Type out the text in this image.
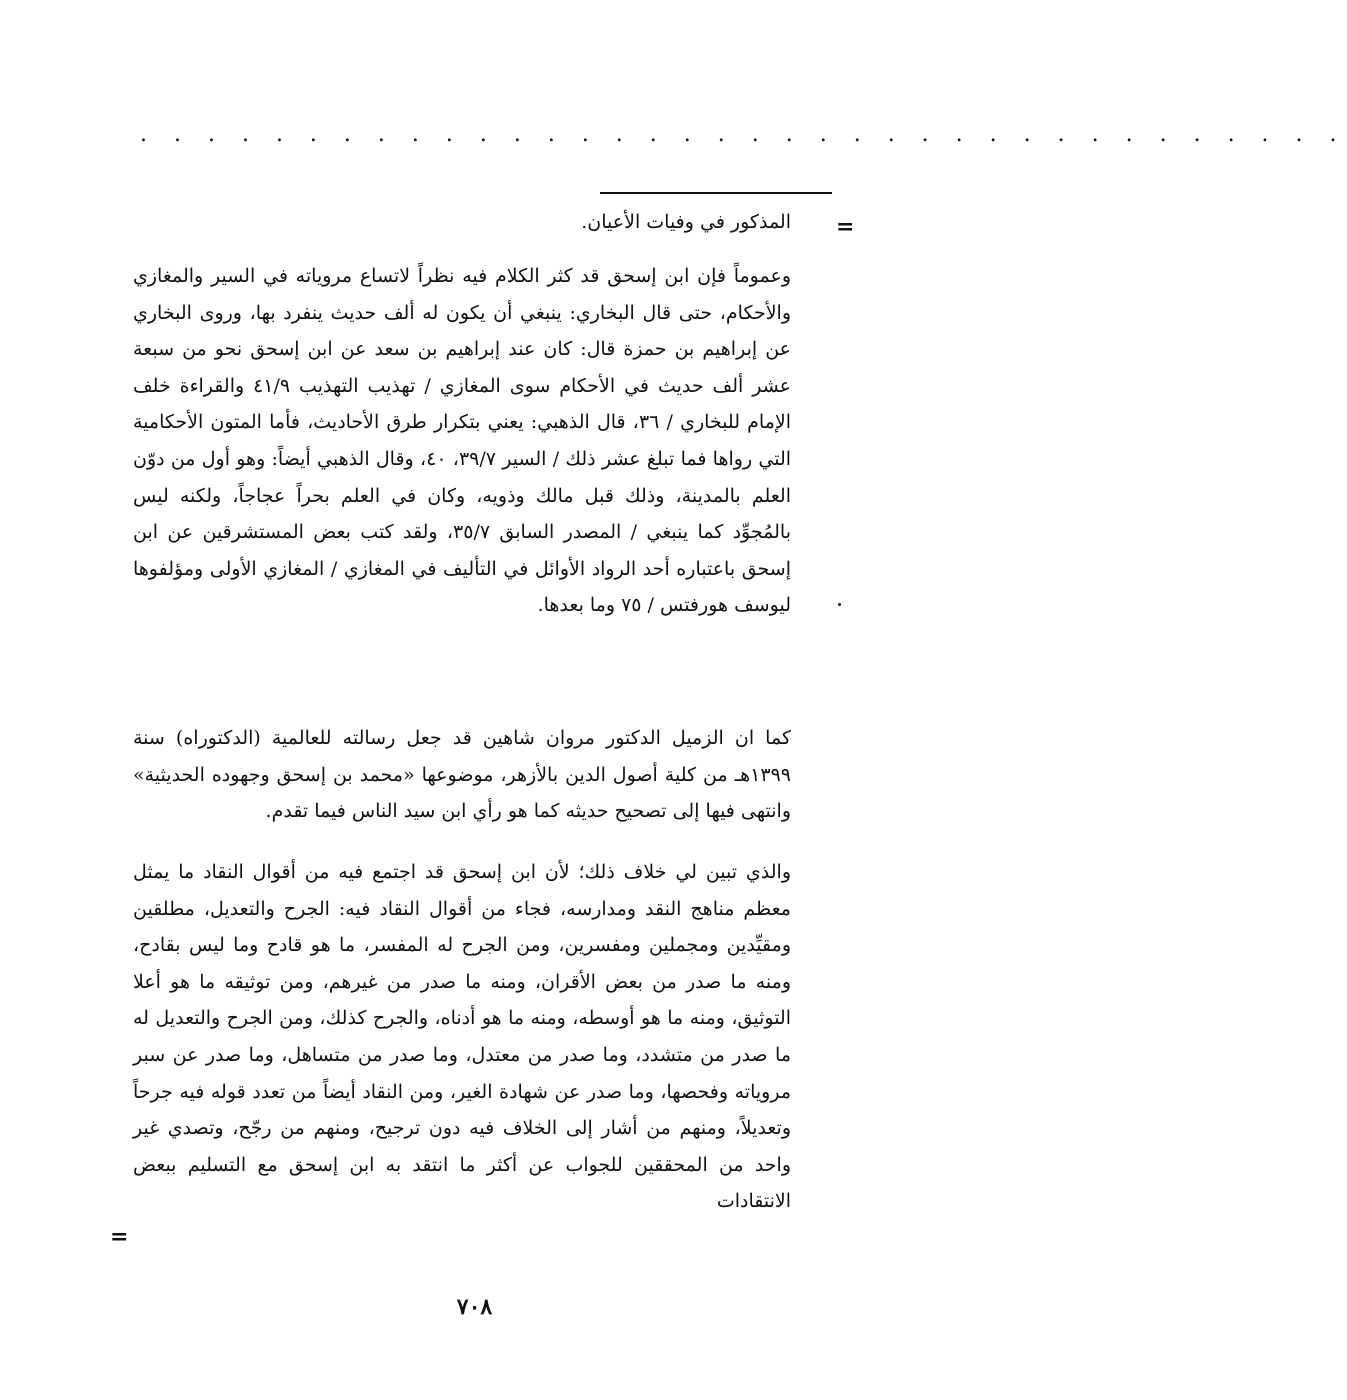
. . . . . . . . . . . . . . . . . . . . . . . . . . . . . . . . . . . .
=
المذكور في وفيات الأعيان.
وعموماً فإن ابن إسحق قد كثر الكلام فيه نظراً لاتساع مروياته في السير والمغازي والأحكام، حتى قال البخاري: ينبغي أن يكون له ألف حديث ينفرد بها، وروى البخاري عن إبراهيم بن حمزة قال: كان عند إبراهيم بن سعد عن ابن إسحق نحو من سبعة عشر ألف حديث في الأحكام سوى المغازي / تهذيب التهذيب ٤١/٩ والقراءة خلف الإمام للبخاري / ٣٦، قال الذهبي: يعني بتكرار طرق الأحاديث، فأما المتون الأحكامية التي رواها فما تبلغ عشر ذلك / السير ٣٩/٧، ٤٠، وقال الذهبي أيضاً: وهو أول من دوّن العلم بالمدينة، وذلك قبل مالك وذويه، وكان في العلم بحراً عجاجاً، ولكنه ليس بالمُجوِّد كما ينبغي / المصدر السابق ٣٥/٧، ولقد كتب بعض المستشرقين عن ابن إسحق باعتباره أحد الرواد الأوائل في التأليف في المغازي / المغازي الأولى ومؤلفوها ليوسف هورفتس / ٧٥ وما بعدها.
كما ان الزميل الدكتور مروان شاهين قد جعل رسالته للعالمية (الدكتوراه) سنة ١٣٩٩هـ من كلية أصول الدين بالأزهر، موضوعها «محمد بن إسحق وجهوده الحديثية» وانتهى فيها إلى تصحيح حديثه كما هو رأي ابن سيد الناس فيما تقدم.
والذي تبين لي خلاف ذلك؛ لأن ابن إسحق قد اجتمع فيه من أقوال النقاد ما يمثل معظم مناهج النقد ومدارسه، فجاء من أقوال النقاد فيه: الجرح والتعديل، مطلقين ومقيِّدين ومجملين ومفسرين، ومن الجرح له المفسر، ما هو قادح وما ليس بقادح، ومنه ما صدر من بعض الأقران، ومنه ما صدر من غيرهم، ومن توثيقه ما هو أعلا التوثيق، ومنه ما هو أوسطه، ومنه ما هو أدناه، والجرح كذلك، ومن الجرح والتعديل له ما صدر من متشدد، وما صدر من معتدل، وما صدر من متساهل، وما صدر عن سبر مروياته وفحصها، وما صدر عن شهادة الغير، ومن النقاد أيضاً من تعدد قوله فيه جرحاً وتعديلاً، ومنهم من أشار إلى الخلاف فيه دون ترجيح، ومنهم من رجّح، وتصدي غير واحد من المحققين للجواب عن أكثر ما انتقد به ابن إسحق مع التسليم ببعض الانتقادات
=
٧٠٨
